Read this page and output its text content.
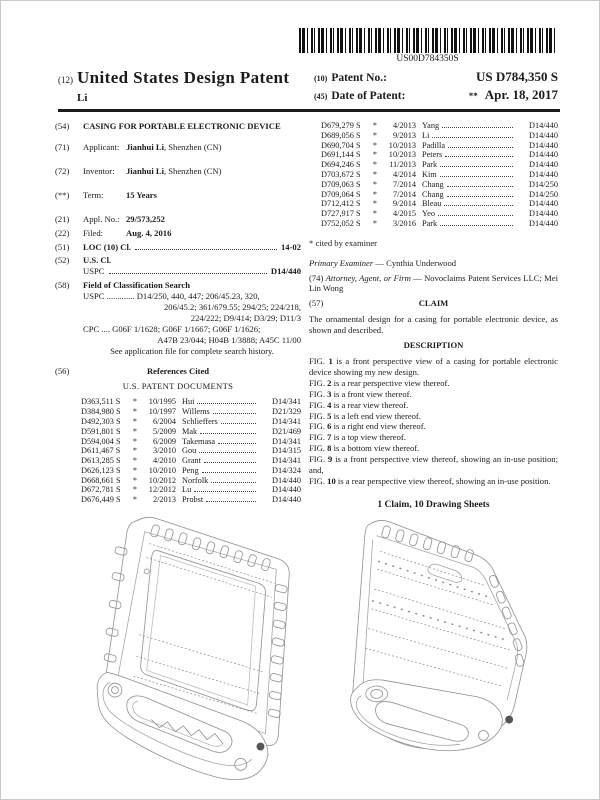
US00D784350S
(12) United States Design Patent
Li
(10) Patent No.:	US D784,350 S
(45) Date of Patent:	** Apr. 18, 2017
(54)	CASING FOR PORTABLE ELECTRONIC DEVICE
(71)	Applicant: Jianhui Li, Shenzhen (CN)
(72)	Inventor: Jianhui Li, Shenzhen (CN)
(**)	Term:	15 Years
(21)	Appl. No.: 29/573,252
(22)	Filed:	Aug. 4, 2016
(51)	LOC (10) Cl.	14-02
(52)	U.S. Cl.
USPC	D14/440
(58)	Field of Classification Search
USPC ............. D14/250, 440, 447; 206/45.23, 320,
206/45.2; 361/679.55; 294/25; 224/218,
224/222; D9/414; D3/29; D11/3
CPC .... G06F 1/1628; G06F 1/1667; G06F 1/1626;
A47B 23/044; H04B 1/3888; A45C 11/00
See application file for complete search history.
(56)	References Cited
U.S. PATENT DOCUMENTS
D363,511 S	*	10/1995 Hui	D14/341
D384,980 S	*	10/1997 Willems	D21/329
D492,303 S	*	6/2004 Schlieffers	D14/341
D591,801 S	*	5/2009 Mak	D21/469
D594,004 S	*	6/2009 Takemasa	D14/341
D611,467 S	*	3/2010 Gou	D14/315
D613,285 S	*	4/2010 Grant	D14/341
D626,123 S	*	10/2010 Peng	D14/324
D668,661 S	*	10/2012 Norfolk	D14/440
D672,781 S	*	12/2012 Lu	D14/440
D676,449 S	*	2/2013 Probst	D14/440
D679,279 S	*	4/2013 Yang	D14/440
D689,056 S	*	9/2013 Li	D14/440
D690,704 S	*	10/2013 Padilla	D14/440
D691,144 S	*	10/2013 Peters	D14/440
D694,246 S	*	11/2013 Park	D14/440
D703,672 S	*	4/2014 Kim	D14/440
D709,063 S	*	7/2014 Chang	D14/250
D709,064 S	*	7/2014 Chang	D14/250
D712,412 S	*	9/2014 Bleau	D14/440
D727,917 S	*	4/2015 Yeo	D14/440
D752,052 S	*	3/2016 Park	D14/440
* cited by examiner
Primary Examiner — Cynthia Underwood
(74) Attorney, Agent, or Firm — Novoclaims Patent Services LLC; Mei Lin Wong
(57)	CLAIM
The ornamental design for a casing for portable electronic device, as shown and described.
DESCRIPTION
FIG. 1 is a front perspective view of a casing for portable electronic device showing my new design.
FIG. 2 is a rear perspective view thereof.
FIG. 3 is a front view thereof.
FIG. 4 is a rear view thereof.
FIG. 5 is a left end view thereof.
FIG. 6 is a right end view thereof.
FIG. 7 is a top view thereof.
FIG. 8 is a bottom view thereof.
FIG. 9 is a front perspective view thereof, showing an in-use position; and,
FIG. 10 is a rear perspective view thereof, showing an in-use position.
1 Claim, 10 Drawing Sheets
